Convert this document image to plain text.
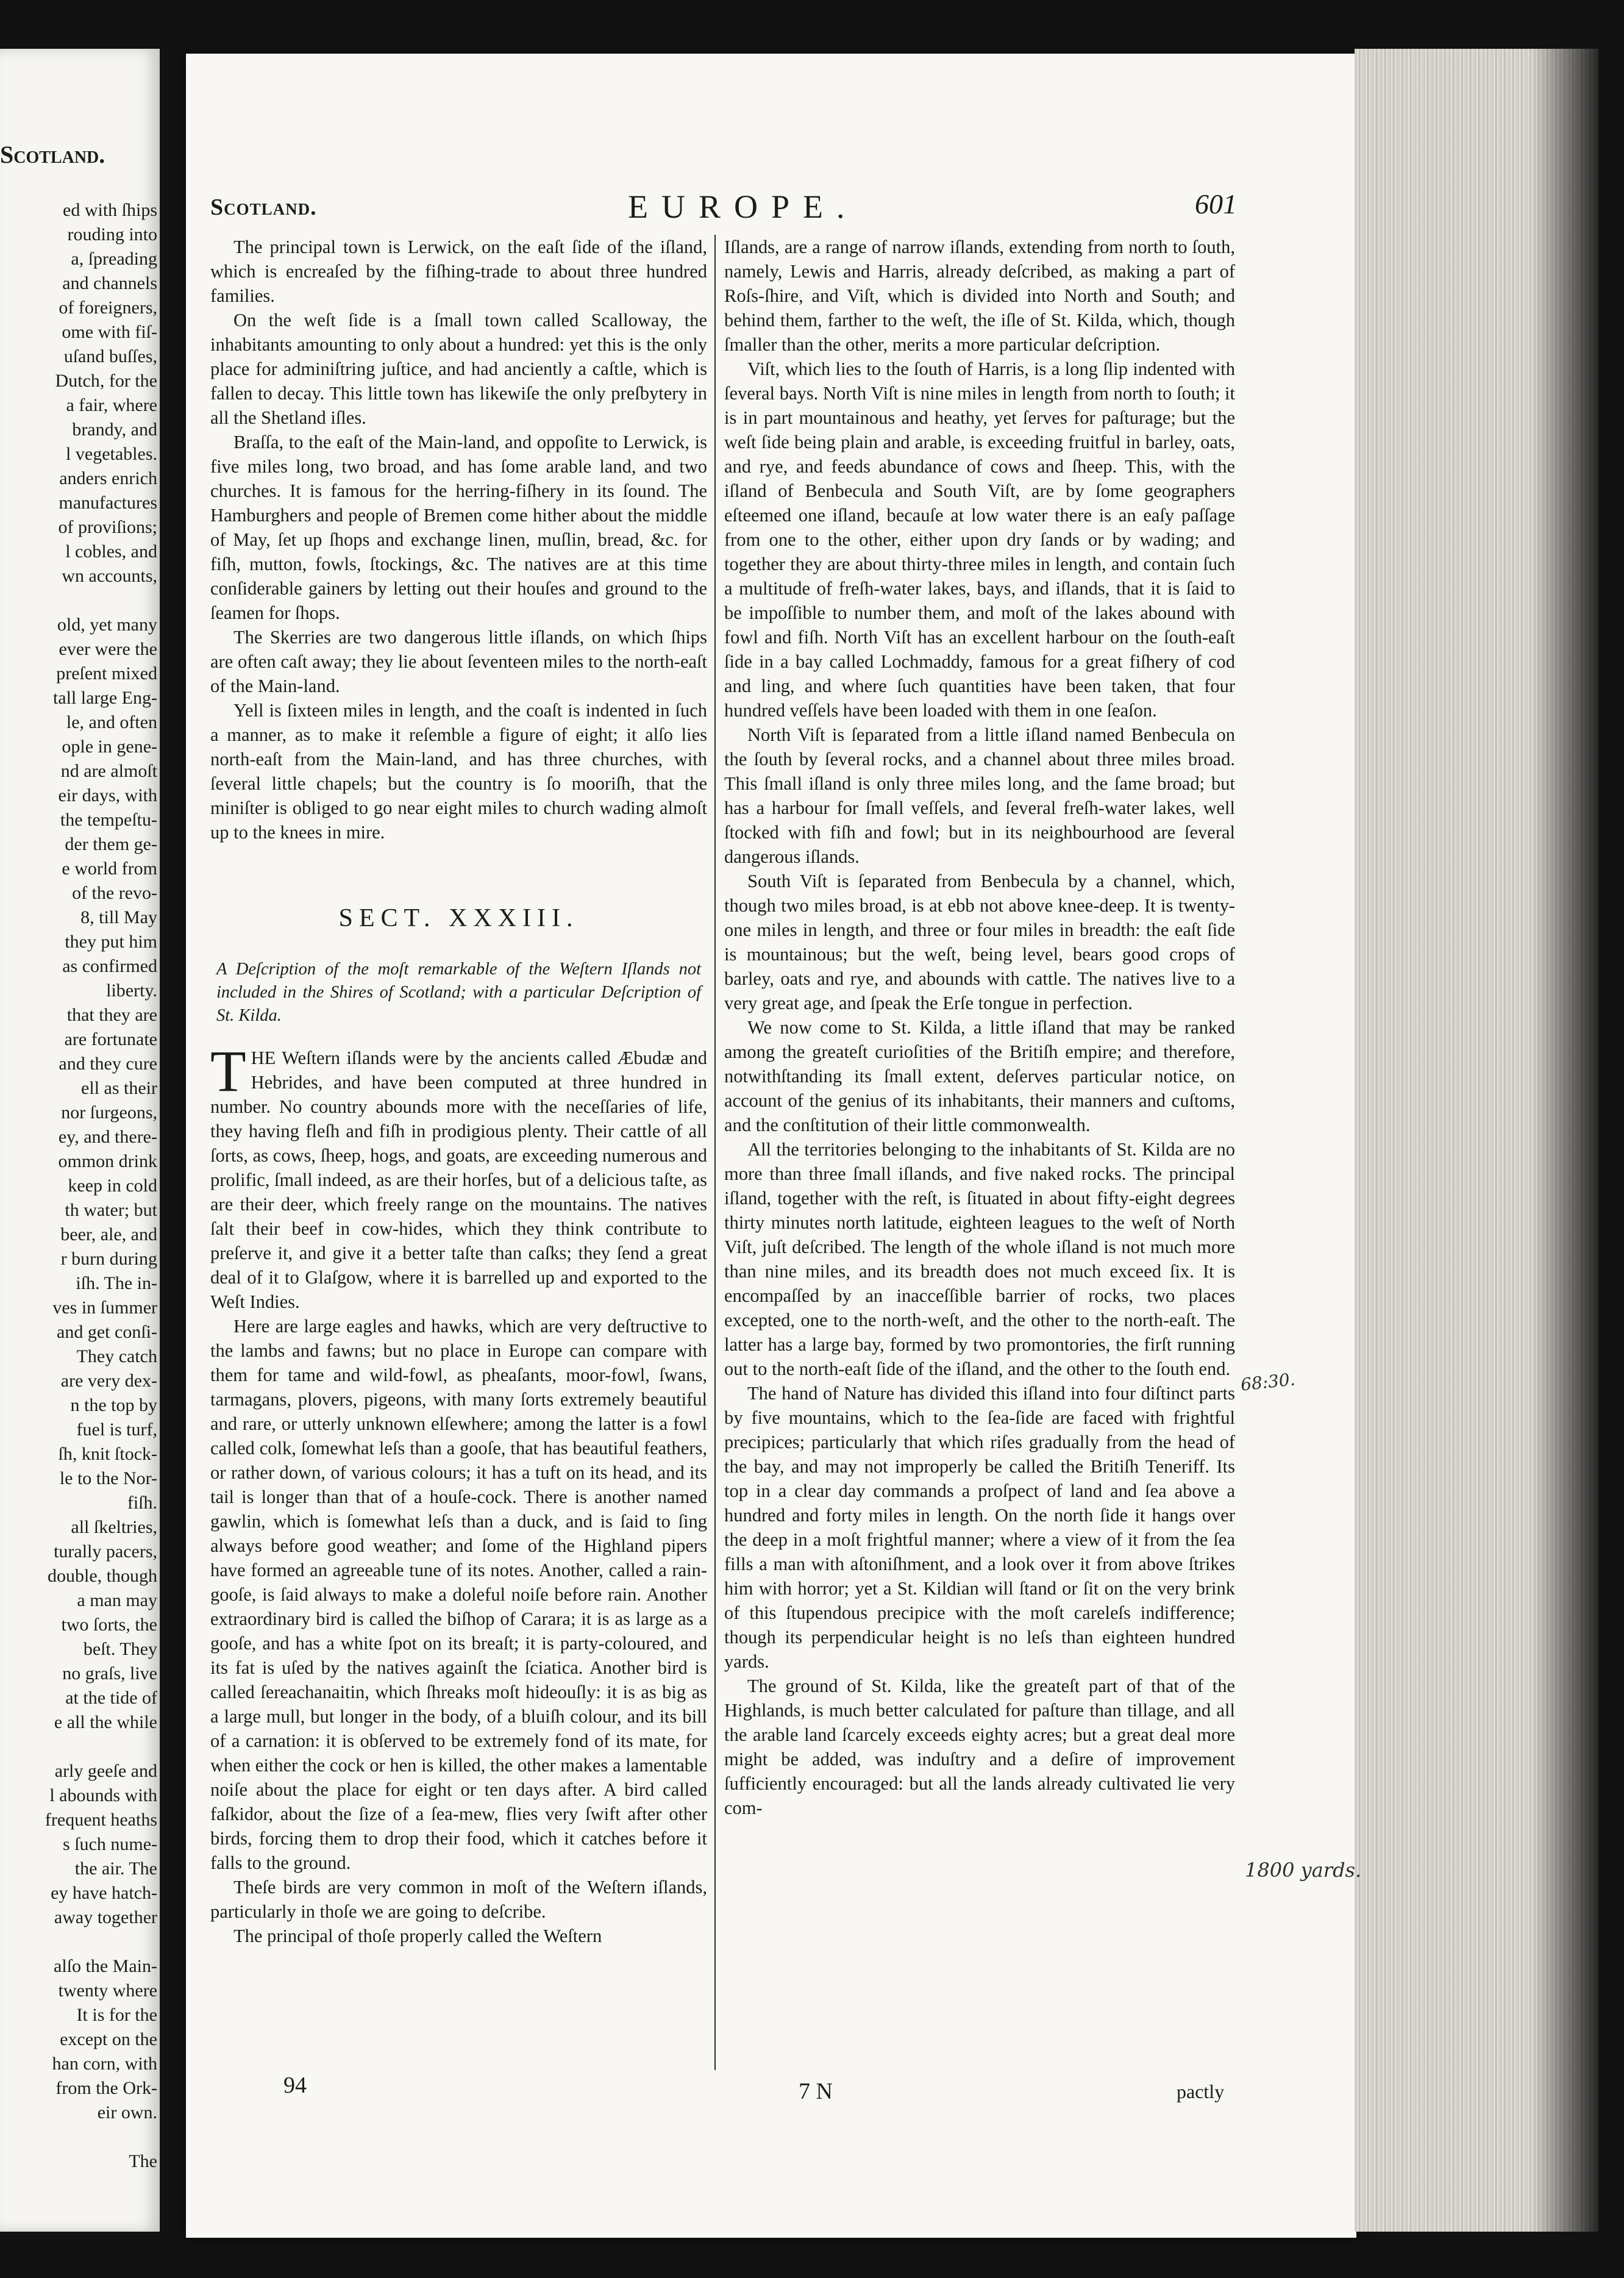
Scotland.
ed with ſhips
rouding into
a, ſpreading
and channels
of foreigners,
ome with fiſ-
uſand buſſes,
Dutch, for the
a fair, where
brandy, and
l vegetables.
anders enrich
manufactures
of proviſions;
l cobles, and
wn accounts,
old, yet many
ever were the
preſent mixed
tall large Eng-
le, and often
ople in gene-
nd are almoſt
eir days, with
the tempeſtu-
der them ge-
e world from
of the revo-
8, till May
they put him
as confirmed
liberty.
that they are
are fortunate
and they cure
ell as their
nor ſurgeons,
ey, and there-
ommon drink
keep in cold
th water; but
beer, ale, and
r burn during
iſh. The in-
ves in ſummer
and get conſi-
They catch
are very dex-
n the top by
fuel is turf,
ſh, knit ſtock-
le to the Nor-
fiſh.
all ſkeltries,
turally pacers,
double, though
a man may
two ſorts, the
beſt. They
no graſs, live
at the tide of
e all the while
arly geeſe and
l abounds with
frequent heaths
s ſuch nume-
the air. The
ey have hatch-
away together
alſo the Main-
twenty where
It is for the
except on the
han corn, with
from the Ork-
eir own.
The
Scotland.	EUROPE.	601

The principal town is Lerwick, on the eaſt ſide of the iſland, which is encreaſed by the fiſhing-trade to about three hundred families.

On the weſt ſide is a ſmall town called Scalloway, the inhabitants amounting to only about a hundred: yet this is the only place for adminiſtring juſtice, and had anciently a caſtle, which is fallen to decay. This little town has likewiſe the only preſbytery in all the Shetland iſles.

Braſſa, to the eaſt of the Main-land, and oppoſite to Lerwick, is five miles long, two broad, and has ſome arable land, and two churches. It is famous for the herring-fiſhery in its ſound. The Hamburghers and people of Bremen come hither about the middle of May, ſet up ſhops and exchange linen, muſlin, bread, &c. for fiſh, mutton, fowls, ſtockings, &c. The natives are at this time conſiderable gainers by letting out their houſes and ground to the ſeamen for ſhops.

The Skerries are two dangerous little iſlands, on which ſhips are often caſt away; they lie about ſeventeen miles to the north-eaſt of the Main-land.

Yell is ſixteen miles in length, and the coaſt is indented in ſuch a manner, as to make it reſemble a figure of eight; it alſo lies north-eaſt from the Main-land, and has three churches, with ſeveral little chapels; but the country is ſo mooriſh, that the miniſter is obliged to go near eight miles to church wading almoſt up to the knees in mire.

SECT. XXXIII.

A Deſcription of the moſt remarkable of the Weſtern Iſlands not included in the Shires of Scotland; with a particular Deſcription of St. Kilda.

THE Weſtern iſlands were by the ancients called Æbudæ and Hebrides, and have been computed at three hundred in number. No country abounds more with the neceſſaries of life, they having fleſh and fiſh in prodigious plenty. Their cattle of all ſorts, as cows, ſheep, hogs, and goats, are exceeding numerous and prolific, ſmall indeed, as are their horſes, but of a delicious taſte, as are their deer, which freely range on the mountains. The natives ſalt their beef in cow-hides, which they think contribute to preſerve it, and give it a better taſte than caſks; they ſend a great deal of it to Glaſgow, where it is barrelled up and exported to the Weſt Indies.

Here are large eagles and hawks, which are very deſtructive to the lambs and fawns; but no place in Europe can compare with them for tame and wild-fowl, as pheaſants, moor-fowl, ſwans, tarmagans, plovers, pigeons, with many ſorts extremely beautiful and rare, or utterly unknown elſewhere; among the latter is a fowl called colk, ſomewhat leſs than a gooſe, that has beautiful feathers, or rather down, of various colours; it has a tuft on its head, and its tail is longer than that of a houſe-cock. There is another named gawlin, which is ſomewhat leſs than a duck, and is ſaid to ſing always before good weather; and ſome of the Highland pipers have formed an agreeable tune of its notes. Another, called a rain-gooſe, is ſaid always to make a doleful noiſe before rain. Another extraordinary bird is called the biſhop of Carara; it is as large as a gooſe, and has a white ſpot on its breaſt; it is party-coloured, and its fat is uſed by the natives againſt the ſciatica. Another bird is called ſereachanaitin, which ſhreaks moſt hideouſly: it is as big as a large mull, but longer in the body, of a bluiſh colour, and its bill of a carnation: it is obſerved to be extremely fond of its mate, for when either the cock or hen is killed, the other makes a lamentable noiſe about the place for eight or ten days after. A bird called faſkidor, about the ſize of a ſea-mew, flies very ſwift after other birds, forcing them to drop their food, which it catches before it falls to the ground.

Theſe birds are very common in moſt of the Weſtern iſlands, particularly in thoſe we are going to deſcribe.

The principal of thoſe properly called the Weſtern

Iſlands, are a range of narrow iſlands, extending from north to ſouth, namely, Lewis and Harris, already deſcribed, as making a part of Roſs-ſhire, and Viſt, which is divided into North and South; and behind them, farther to the weſt, the iſle of St. Kilda, which, though ſmaller than the other, merits a more particular deſcription.

Viſt, which lies to the ſouth of Harris, is a long ſlip indented with ſeveral bays. North Viſt is nine miles in length from north to ſouth; it is in part mountainous and heathy, yet ſerves for paſturage; but the weſt ſide being plain and arable, is exceeding fruitful in barley, oats, and rye, and feeds abundance of cows and ſheep. This, with the iſland of Benbecula and South Viſt, are by ſome geographers eſteemed one iſland, becauſe at low water there is an eaſy paſſage from one to the other, either upon dry ſands or by wading; and together they are about thirty-three miles in length, and contain ſuch a multitude of freſh-water lakes, bays, and iſlands, that it is ſaid to be impoſſible to number them, and moſt of the lakes abound with fowl and fiſh. North Viſt has an excellent harbour on the ſouth-eaſt ſide in a bay called Lochmaddy, famous for a great fiſhery of cod and ling, and where ſuch quantities have been taken, that four hundred veſſels have been loaded with them in one ſeaſon.

North Viſt is ſeparated from a little iſland named Benbecula on the ſouth by ſeveral rocks, and a channel about three miles broad. This ſmall iſland is only three miles long, and the ſame broad; but has a harbour for ſmall veſſels, and ſeveral freſh-water lakes, well ſtocked with fiſh and fowl; but in its neighbourhood are ſeveral dangerous iſlands.

South Viſt is ſeparated from Benbecula by a channel, which, though two miles broad, is at ebb not above knee-deep. It is twenty-one miles in length, and three or four miles in breadth: the eaſt ſide is mountainous; but the weſt, being level, bears good crops of barley, oats and rye, and abounds with cattle. The natives live to a very great age, and ſpeak the Erſe tongue in perfection.

We now come to St. Kilda, a little iſland that may be ranked among the greateſt curioſities of the Britiſh empire; and therefore, notwithſtanding its ſmall extent, deſerves particular notice, on account of the genius of its inhabitants, their manners and cuſtoms, and the conſtitution of their little commonwealth.

All the territories belonging to the inhabitants of St. Kilda are no more than three ſmall iſlands, and five naked rocks. The principal iſland, together with the reſt, is ſituated in about fifty-eight degrees thirty minutes north latitude, eighteen leagues to the weſt of North Viſt, juſt deſcribed. The length of the whole iſland is not much more than nine miles, and its breadth does not much exceed ſix. It is encompaſſed by an inacceſſible barrier of rocks, two places excepted, one to the north-weſt, and the other to the north-eaſt. The latter has a large bay, formed by two promontories, the firſt running out to the north-eaſt ſide of the iſland, and the other to the ſouth end.

The hand of Nature has divided this iſland into four diſtinct parts by five mountains, which to the ſea-ſide are faced with frightful precipices; particularly that which riſes gradually from the head of the bay, and may not improperly be called the Britiſh Teneriff. Its top in a clear day commands a proſpect of land and ſea above a hundred and forty miles in length. On the north ſide it hangs over the deep in a moſt frightful manner; where a view of it from the ſea fills a man with aſtoniſhment, and a look over it from above ſtrikes him with horror; yet a St. Kildian will ſtand or ſit on the very brink of this ſtupendous precipice with the moſt careleſs indifference; though its perpendicular height is no leſs than eighteen hundred yards.

The ground of St. Kilda, like the greateſt part of that of the Highlands, is much better calculated for paſture than tillage, and all the arable land ſcarcely exceeds eighty acres; but a great deal more might be added, was induſtry and a deſire of improvement ſufficiently encouraged: but all the lands already cultivated lie very com-

94	7 N	pactly
68:30.
1800 yards.
